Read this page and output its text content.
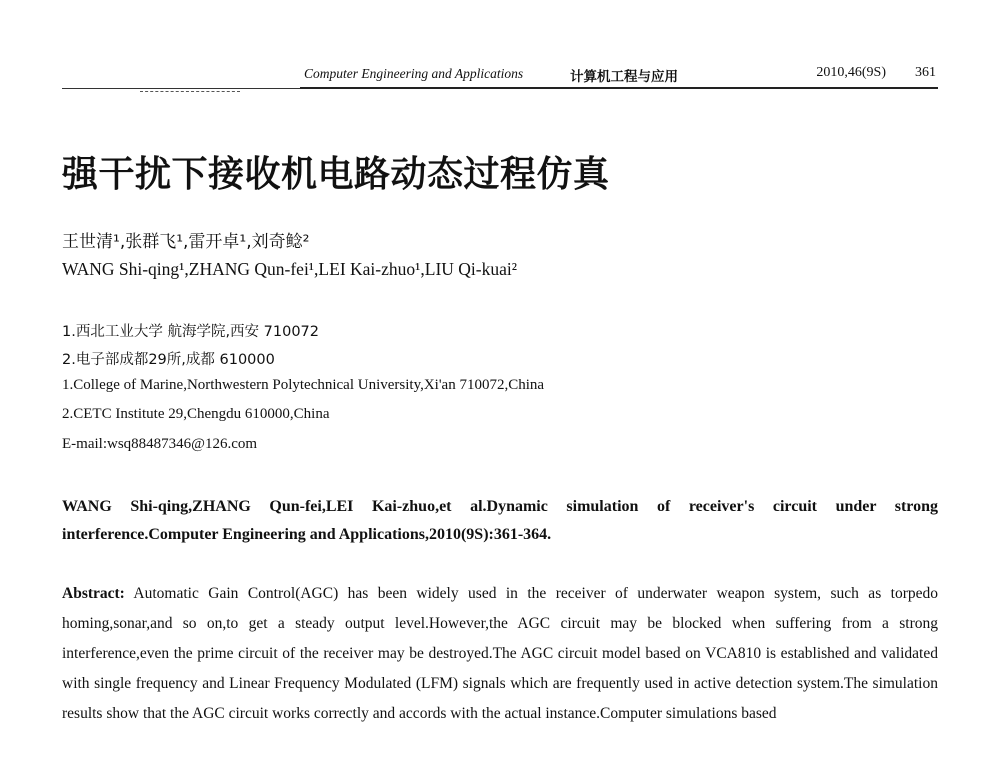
Computer Engineering and Applications	计算机工程与应用	2010,46(9S) 361
强干扰下接收机电路动态过程仿真
王世清¹,张群飞¹,雷开卓¹,刘奇鲶²
WANG Shi-qing¹,ZHANG Qun-fei¹,LEI Kai-zhuo¹,LIU Qi-kuai²
1.西北工业大学 航海学院,西安 710072
2.电子部成都29所,成都 610000
1.College of Marine,Northwestern Polytechnical University,Xi'an 710072,China
2.CETC Institute 29,Chengdu 610000,China
E-mail:wsq88487346@126.com
WANG Shi-qing,ZHANG Qun-fei,LEI Kai-zhuo,et al.Dynamic simulation of receiver's circuit under strong interference.Computer Engineering and Applications,2010(9S):361-364.
Abstract: Automatic Gain Control(AGC) has been widely used in the receiver of underwater weapon system, such as torpedo homing,sonar,and so on,to get a steady output level.However,the AGC circuit may be blocked when suffering from a strong interference,even the prime circuit of the receiver may be destroyed.The AGC circuit model based on VCA810 is established and validated with single frequency and Linear Frequency Modulated (LFM) signals which are frequently used in active detection system.The simulation results show that the AGC circuit works correctly and accords with the actual instance.Computer simulations based
